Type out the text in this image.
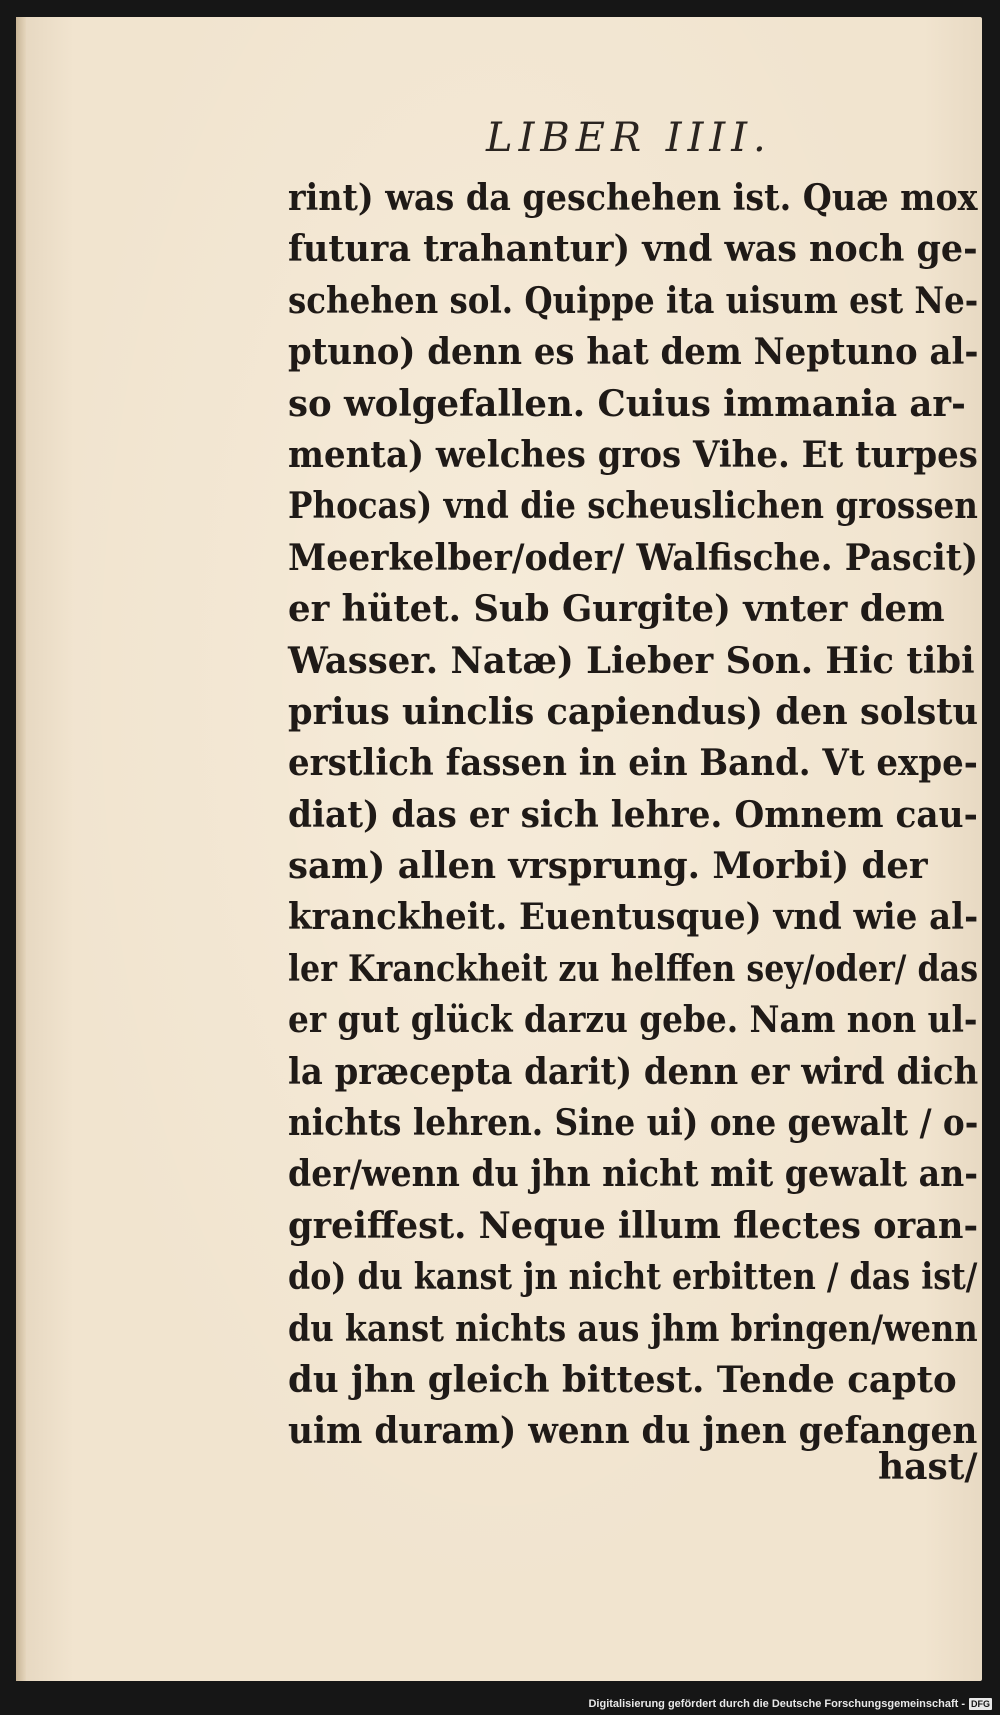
LIBER IIII.
rint) was da geschehen ist. Quæ mox
futura trahantur) vnd was noch ge-
schehen sol. Quippe ita uisum est Ne-
ptuno) denn es hat dem Neptuno al-
so wolgefallen. Cuius immania ar-
menta) welches gros Vihe. Et turpes
Phocas) vnd die scheuslichen grossen
Meerkelber/oder/ Walfische. Pascit)
er hütet. Sub Gurgite) vnter dem
Wasser. Natæ) Lieber Son. Hic tibi
prius uinclis capiendus) den solstu
erstlich fassen in ein Band. Vt expe-
diat) das er sich lehre. Omnem cau-
sam) allen vrsprung. Morbi) der
kranckheit. Euentusque) vnd wie al-
ler Kranckheit zu helffen sey/oder/ das
er gut glück darzu gebe. Nam non ul-
la præcepta darit) denn er wird dich
nichts lehren. Sine ui) one gewalt / o-
der/wenn du jhn nicht mit gewalt an-
greiffest. Neque illum flectes oran-
do) du kanst jn nicht erbitten / das ist/
du kanst nichts aus jhm bringen/wenn
du jhn gleich bittest. Tende capto
uim duram) wenn du jnen gefangen
hast/
Digitalisierung gefördert durch die Deutsche Forschungsgemeinschaft - DFG
